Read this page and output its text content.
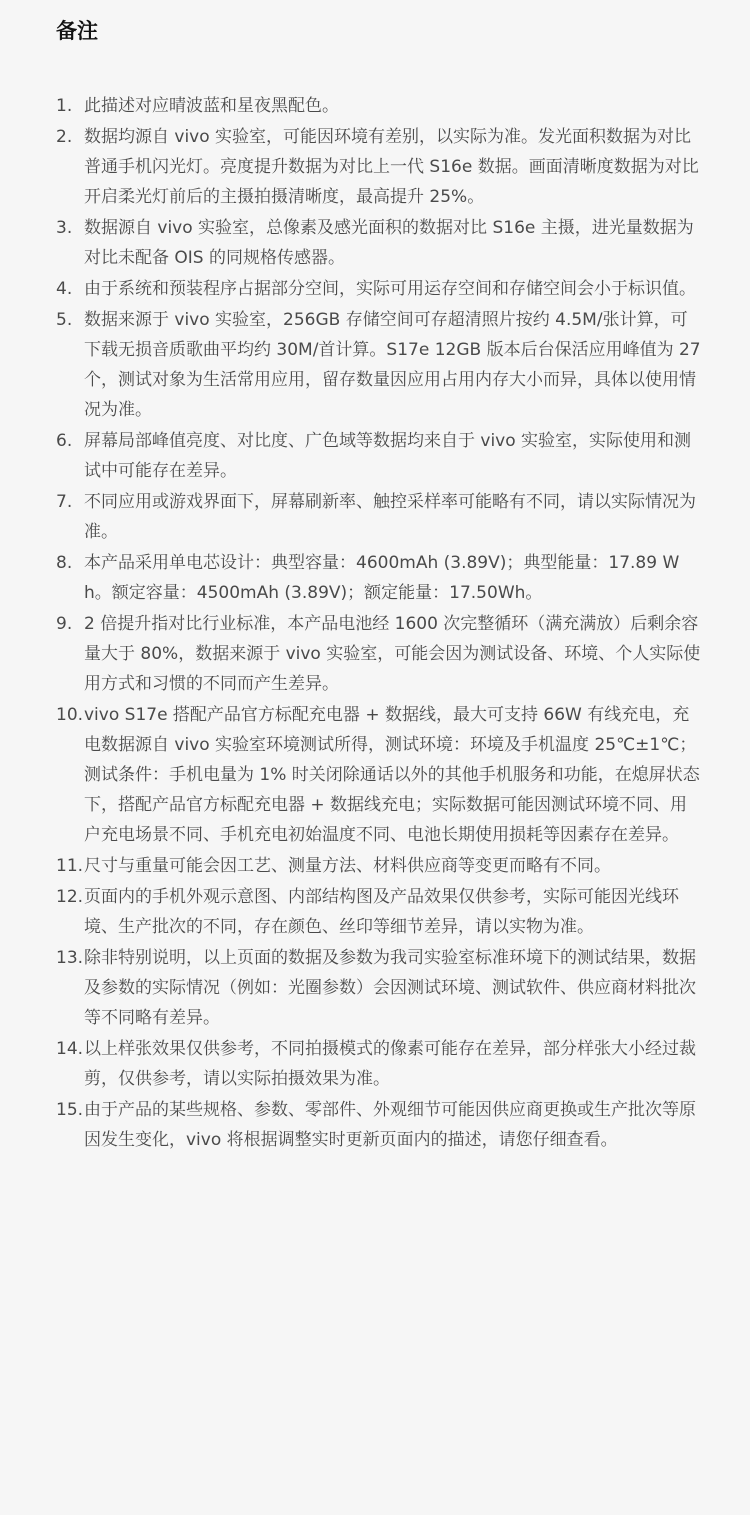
备注
1. 此描述对应晴波蓝和星夜黑配色。
2. 数据均源自 vivo 实验室，可能因环境有差别，以实际为准。发光面积数据为对比普通手机闪光灯。亮度提升数据为对比上一代 S16e 数据。画面清晰度数据为对比开启柔光灯前后的主摄拍摄清晰度，最高提升 25%。
3. 数据源自 vivo 实验室，总像素及感光面积的数据对比 S16e 主摄，进光量数据为对比未配备 OIS 的同规格传感器。
4. 由于系统和预装程序占据部分空间，实际可用运存空间和存储空间会小于标识值。
5. 数据来源于 vivo 实验室，256GB 存储空间可存超清照片按约 4.5M/张计算，可下载无损音质歌曲平均约 30M/首计算。S17e 12GB 版本后台保活应用峰值为 27 个，测试对象为生活常用应用，留存数量因应用占用内存大小而异，具体以使用情况为准。
6. 屏幕局部峰值亮度、对比度、广色域等数据均来自于 vivo 实验室，实际使用和测试中可能存在差异。
7. 不同应用或游戏界面下，屏幕刷新率、触控采样率可能略有不同，请以实际情况为准。
8. 本产品采用单电芯设计：典型容量：4600mAh (3.89V)；典型能量：17.89 Wh。额定容量：4500mAh (3.89V)；额定能量：17.50Wh。
9. 2 倍提升指对比行业标准，本产品电池经 1600 次完整循环（满充满放）后剩余容量大于 80%，数据来源于 vivo 实验室，可能会因为测试设备、环境、个人实际使用方式和习惯的不同而产生差异。
10. vivo S17e 搭配产品官方标配充电器 + 数据线，最大可支持 66W 有线充电，充电数据源自 vivo 实验室环境测试所得，测试环境：环境及手机温度 25℃±1℃；测试条件：手机电量为 1% 时关闭除通话以外的其他手机服务和功能，在熄屏状态下，搭配产品官方标配充电器 + 数据线充电；实际数据可能因测试环境不同、用户充电场景不同、手机充电初始温度不同、电池长期使用损耗等因素存在差异。
11. 尺寸与重量可能会因工艺、测量方法、材料供应商等变更而略有不同。
12. 页面内的手机外观示意图、内部结构图及产品效果仅供参考，实际可能因光线环境、生产批次的不同，存在颜色、丝印等细节差异，请以实物为准。
13. 除非特别说明，以上页面的数据及参数为我司实验室标准环境下的测试结果，数据及参数的实际情况（例如：光圈参数）会因测试环境、测试软件、供应商材料批次等不同略有差异。
14. 以上样张效果仅供参考，不同拍摄模式的像素可能存在差异，部分样张大小经过裁剪，仅供参考，请以实际拍摄效果为准。
15. 由于产品的某些规格、参数、零部件、外观细节可能因供应商更换或生产批次等原因发生变化，vivo 将根据调整实时更新页面内的描述，请您仔细查看。
